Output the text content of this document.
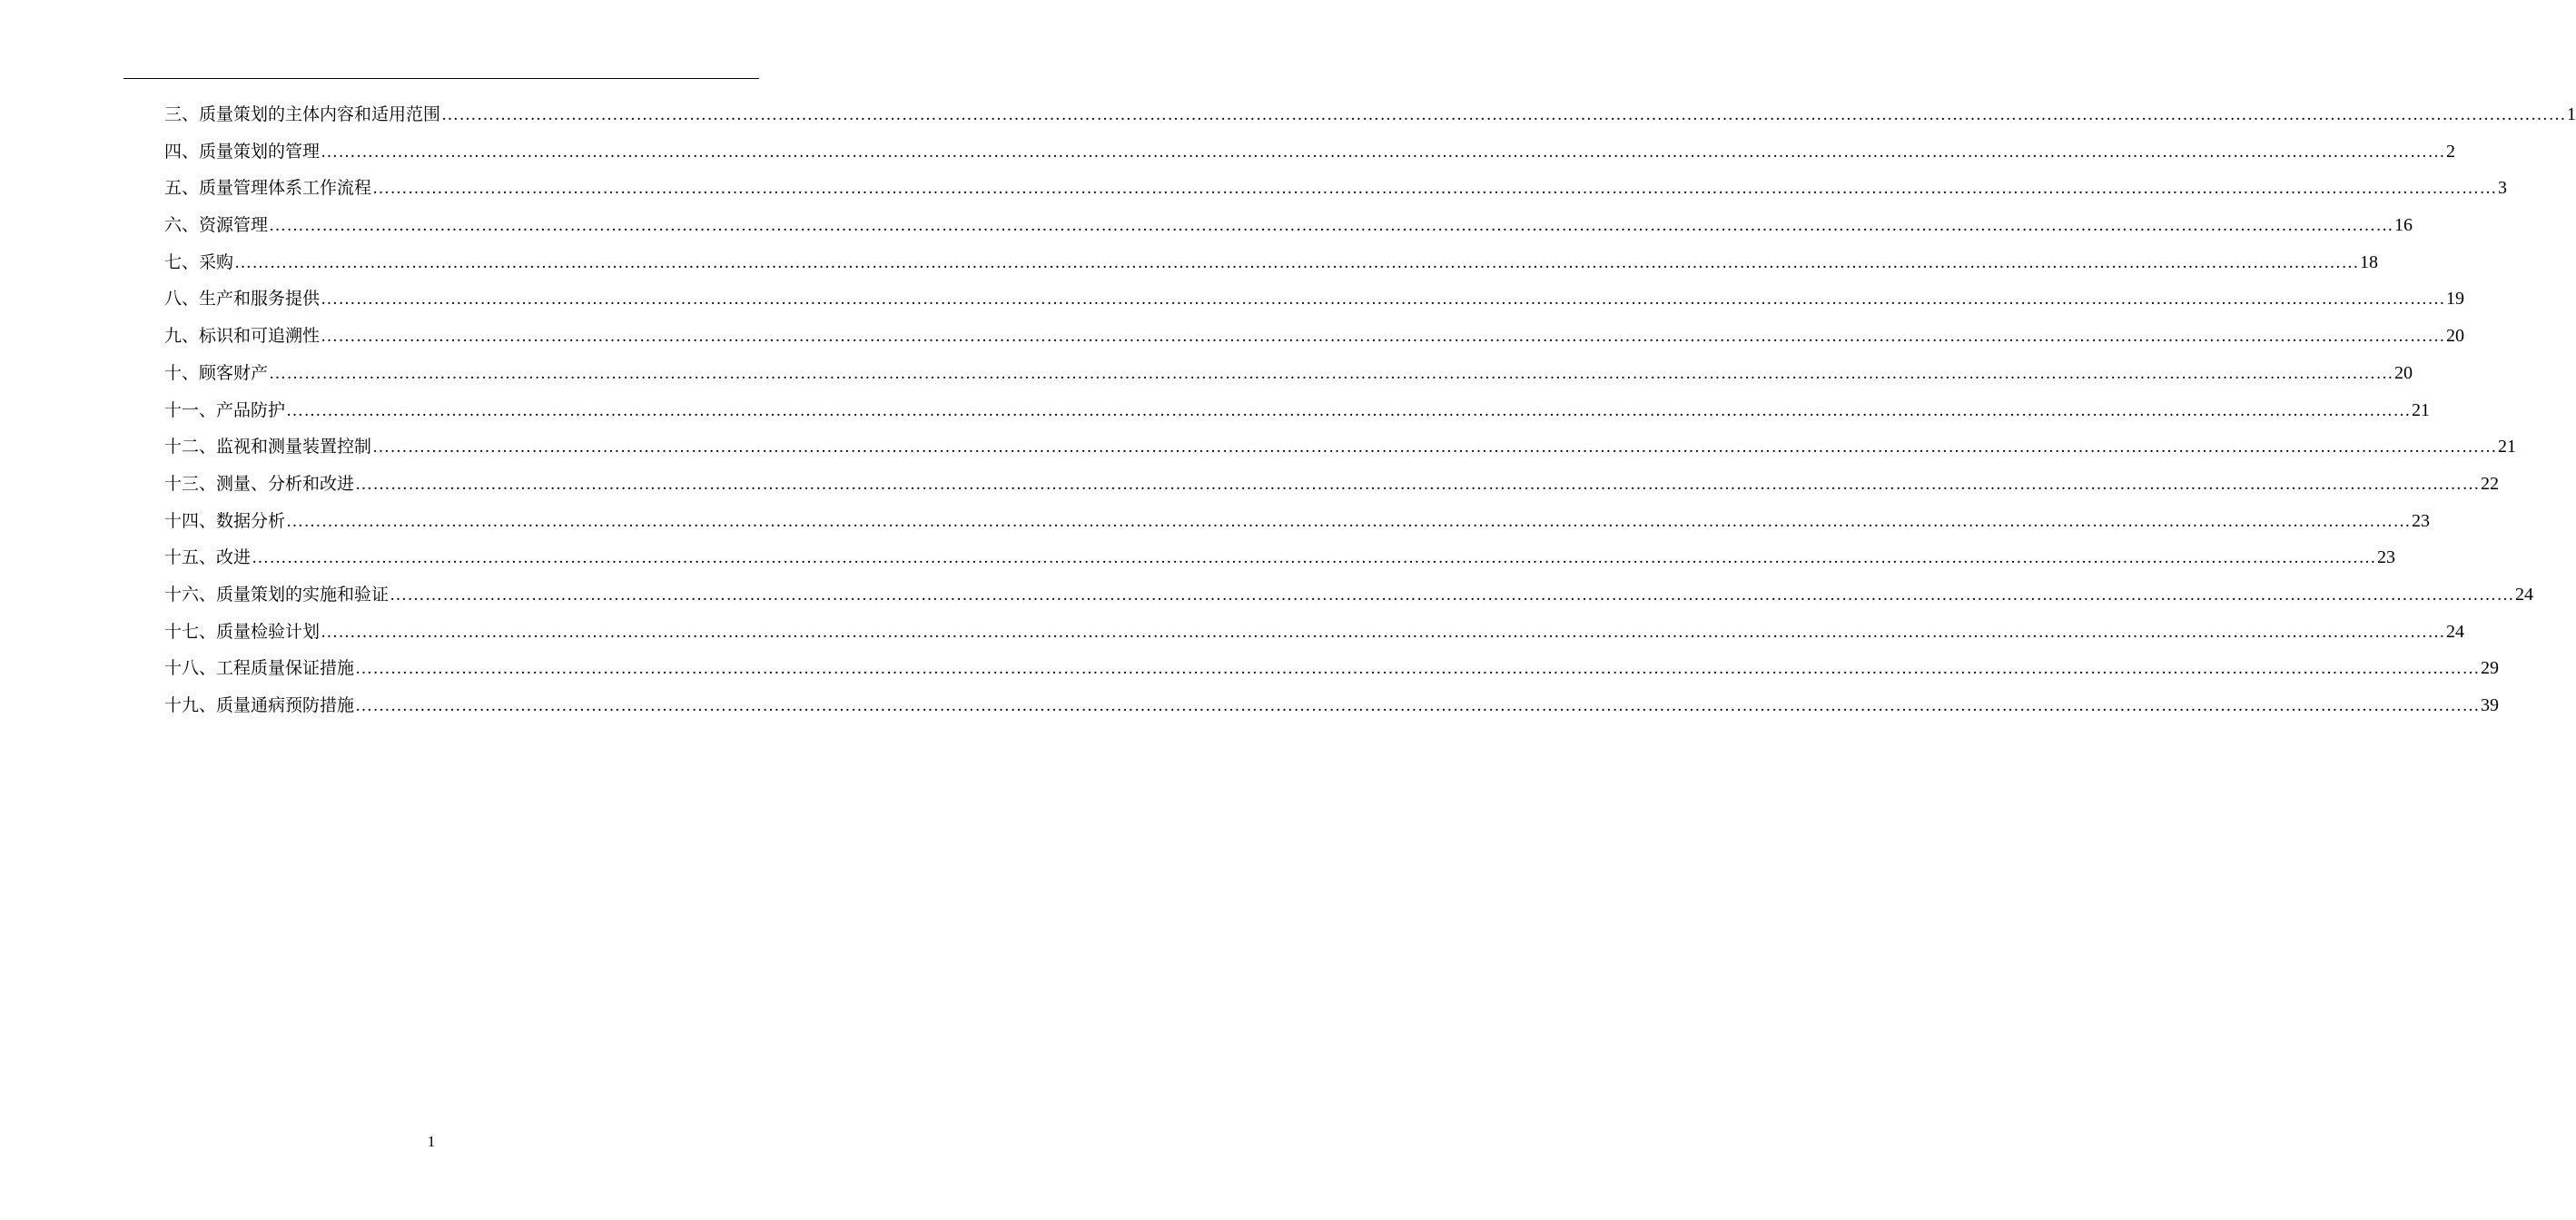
三、质量策划的主体内容和适用范围 ……………………………………………………………………………………………………………………………………………………………………………………………………………………………………………………………………………………………………………………………… 1
四、质量策划的管理 ……………………………………………………………………………………………………………………………………………………………………………………………………………………………………………………………………………………………………………………………… 2
五、质量管理体系工作流程 ……………………………………………………………………………………………………………………………………………………………………………………………………………………………………………………………………………………………………………………………… 3
六、资源管理 ……………………………………………………………………………………………………………………………………………………………………………………………………………………………………………………………………………………………………………………………… 16
七、采购 ……………………………………………………………………………………………………………………………………………………………………………………………………………………………………………………………………………………………………………………………… 18
八、生产和服务提供 ……………………………………………………………………………………………………………………………………………………………………………………………………………………………………………………………………………………………………………………………… 19
九、标识和可追溯性 ……………………………………………………………………………………………………………………………………………………………………………………………………………………………………………………………………………………………………………………………… 20
十、顾客财产 ……………………………………………………………………………………………………………………………………………………………………………………………………………………………………………………………………………………………………………………………… 20
十一、产品防护 ……………………………………………………………………………………………………………………………………………………………………………………………………………………………………………………………………………………………………………………………… 21
十二、监视和测量装置控制 ……………………………………………………………………………………………………………………………………………………………………………………………………………………………………………………………………………………………………………………………… 21
十三、测量、分析和改进 ……………………………………………………………………………………………………………………………………………………………………………………………………………………………………………………………………………………………………………………………… 22
十四、数据分析 ……………………………………………………………………………………………………………………………………………………………………………………………………………………………………………………………………………………………………………………………… 23
十五、改进 ……………………………………………………………………………………………………………………………………………………………………………………………………………………………………………………………………………………………………………………………… 23
十六、质量策划的实施和验证 ……………………………………………………………………………………………………………………………………………………………………………………………………………………………………………………………………………………………………………………………… 24
十七、质量检验计划 ……………………………………………………………………………………………………………………………………………………………………………………………………………………………………………………………………………………………………………………………… 24
十八、工程质量保证措施 ……………………………………………………………………………………………………………………………………………………………………………………………………………………………………………………………………………………………………………………………… 29
十九、质量通病预防措施 ……………………………………………………………………………………………………………………………………………………………………………………………………………………………………………………………………………………………………………………………… 39
1
